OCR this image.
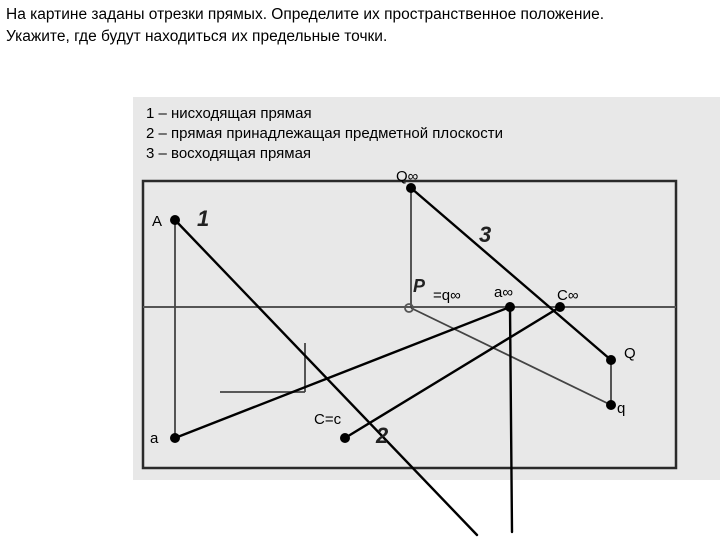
На картине заданы отрезки прямых. Определите их пространственное положение.
Укажите, где будут находиться их предельные точки.
Q∞
A
=q∞ a∞	C∞
Q
q
a
C=c
1
3
2
P
1 – нисходящая прямая
2 – прямая принадлежащая предметной плоскости
3 – восходящая прямая
